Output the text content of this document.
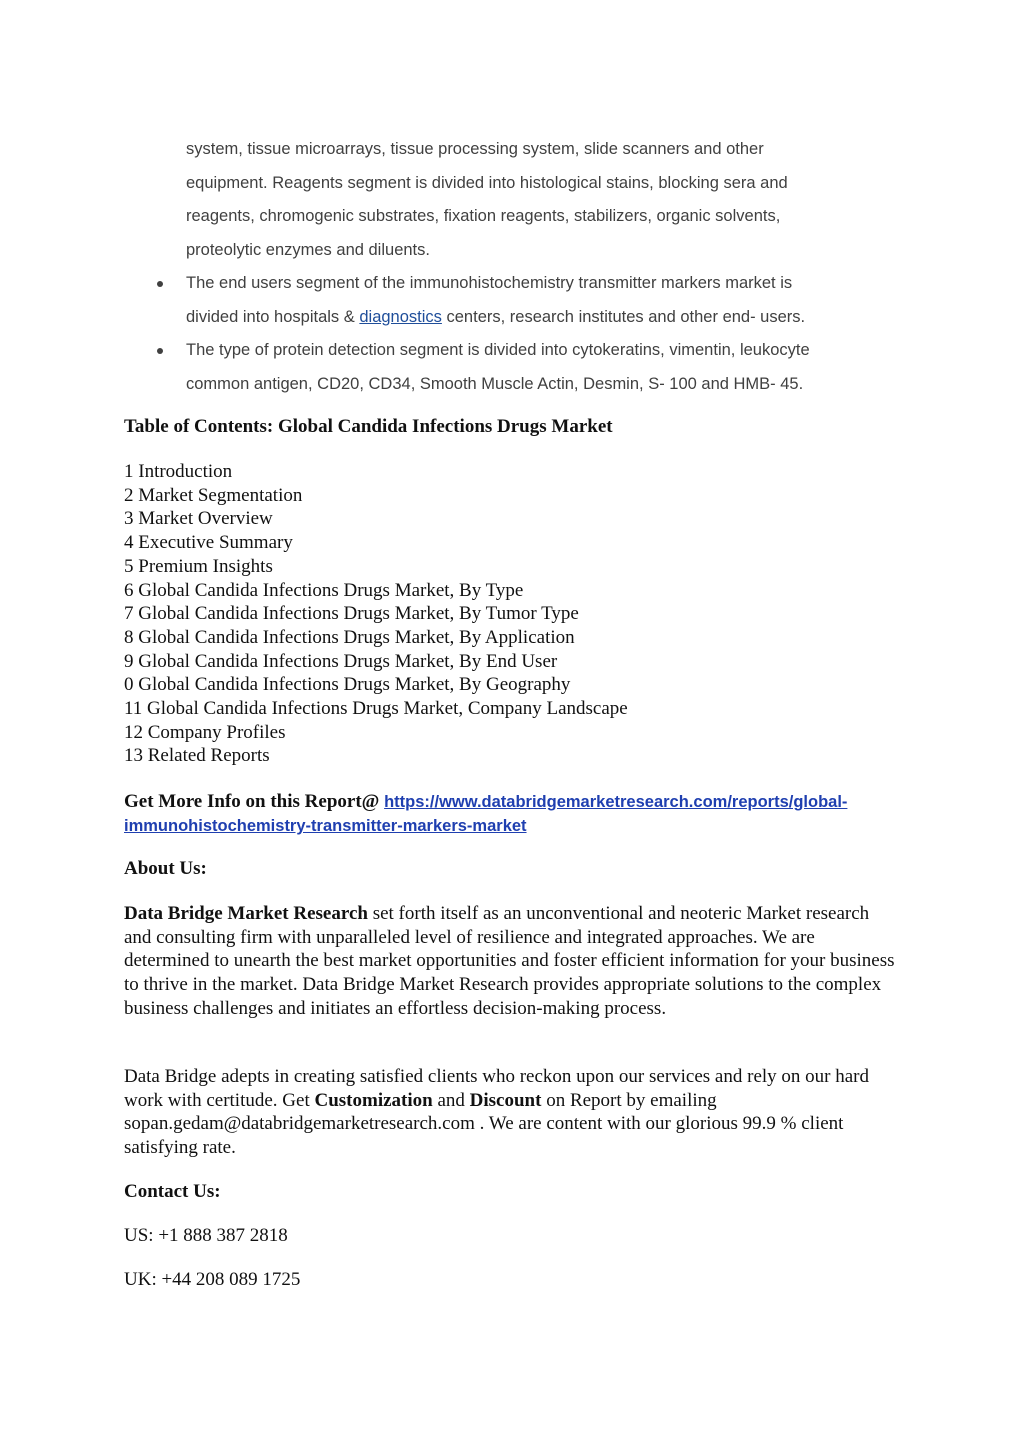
system, tissue microarrays, tissue processing system, slide scanners and other
equipment. Reagents segment is divided into histological stains, blocking sera and
reagents, chromogenic substrates, fixation reagents, stabilizers, organic solvents,
proteolytic enzymes and diluents.
The end users segment of the immunohistochemistry transmitter markers market is
divided into hospitals & diagnostics centers, research institutes and other end- users.
The type of protein detection segment is divided into cytokeratins, vimentin, leukocyte
common antigen, CD20, CD34, Smooth Muscle Actin, Desmin, S- 100 and HMB- 45.
Table of Contents: Global Candida Infections Drugs Market
1 Introduction
2 Market Segmentation
3 Market Overview
4 Executive Summary
5 Premium Insights
6 Global Candida Infections Drugs Market, By Type
7 Global Candida Infections Drugs Market, By Tumor Type
8 Global Candida Infections Drugs Market, By Application
9 Global Candida Infections Drugs Market, By End User
0 Global Candida Infections Drugs Market, By Geography
11 Global Candida Infections Drugs Market, Company Landscape
12 Company Profiles
13 Related Reports
Get More Info on this Report@ https://www.databridgemarketresearch.com/reports/global-
immunohistochemistry-transmitter-markers-market
About Us:

Data Bridge Market Research set forth itself as an unconventional and neoteric Market research and consulting firm with unparalleled level of resilience and integrated approaches. We are determined to unearth the best market opportunities and foster efficient information for your business to thrive in the market. Data Bridge Market Research provides appropriate solutions to the complex business challenges and initiates an effortless decision-making process.

Data Bridge adepts in creating satisfied clients who reckon upon our services and rely on our hard work with certitude. Get Customization and Discount on Report by emailing sopan.gedam@databridgemarketresearch.com . We are content with our glorious 99.9 % client satisfying rate.

Contact Us:

US: +1 888 387 2818

UK: +44 208 089 1725
